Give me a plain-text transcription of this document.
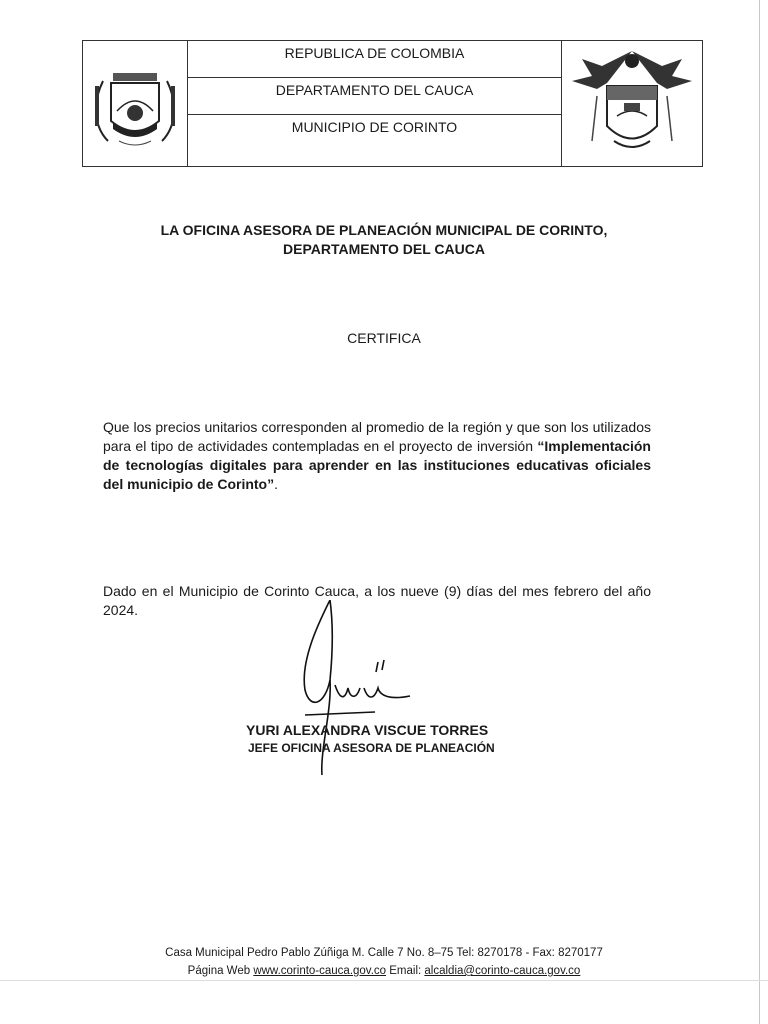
REPUBLICA DE COLOMBIA
DEPARTAMENTO DEL CAUCA
MUNICIPIO DE CORINTO
LA OFICINA ASESORA DE PLANEACIÓN MUNICIPAL DE CORINTO,
DEPARTAMENTO DEL CAUCA
CERTIFICA
Que los precios unitarios corresponden al promedio de la región y que son los utilizados para el tipo de actividades contempladas en el proyecto de inversión “Implementación de tecnologías digitales para aprender en las instituciones educativas oficiales del municipio de Corinto”.
Dado en el Municipio de Corinto Cauca, a los nueve (9) días del mes febrero del año 2024.
YURI ALEXANDRA VISCUE TORRES
JEFE OFICINA ASESORA DE PLANEACIÓN
Casa Municipal Pedro Pablo Zúñiga M. Calle 7 No. 8–75 Tel: 8270178 - Fax: 8270177
Página Web www.corinto-cauca.gov.co Email: alcaldia@corinto-cauca.gov.co
